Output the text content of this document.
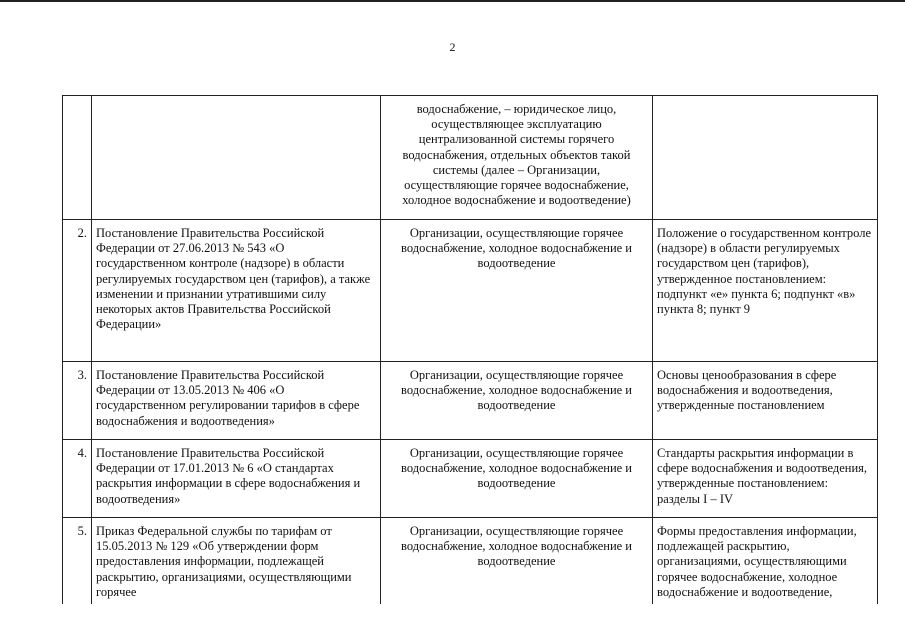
2
		водоснабжение, – юридическое лицо, осуществляющее эксплуатацию централизованной системы горячего водоснабжения, отдельных объектов такой системы (далее – Организации, осуществляющие горячее водоснабжение, холодное водоснабжение и водоотведение)	
2.	Постановление Правительства Российской Федерации от 27.06.2013 № 543 «О государственном контроле (надзоре) в области регулируемых государством цен (тарифов), а также изменении и признании утратившими силу некоторых актов Правительства Российской Федерации»	Организации, осуществляющие горячее водоснабжение, холодное водоснабжение и водоотведение	Положение о государственном контроле (надзоре) в области регулируемых государством цен (тарифов), утвержденное постановлением: подпункт «е» пункта 6; подпункт «в» пункта 8; пункт 9
3.	Постановление Правительства Российской Федерации от 13.05.2013 № 406 «О государственном регулировании тарифов в сфере водоснабжения и водоотведения»	Организации, осуществляющие горячее водоснабжение, холодное водоснабжение и водоотведение	Основы ценообразования в сфере водоснабжения и водоотведения, утвержденные постановлением
4.	Постановление Правительства Российской Федерации от 17.01.2013 № 6 «О стандартах раскрытия информации в сфере водоснабжения и водоотведения»	Организации, осуществляющие горячее водоснабжение, холодное водоснабжение и водоотведение	Стандарты раскрытия информации в сфере водоснабжения и водоотведения, утвержденные постановлением: разделы I – IV
5.	Приказ Федеральной службы по тарифам от 15.05.2013 № 129 «Об утверждении форм предоставления информации, подлежащей раскрытию, организациями, осуществляющими горячее	Организации, осуществляющие горячее водоснабжение, холодное водоснабжение и водоотведение	Формы предоставления информации, подлежащей раскрытию, организациями, осуществляющими горячее водоснабжение, холодное водоснабжение и водоотведение,
